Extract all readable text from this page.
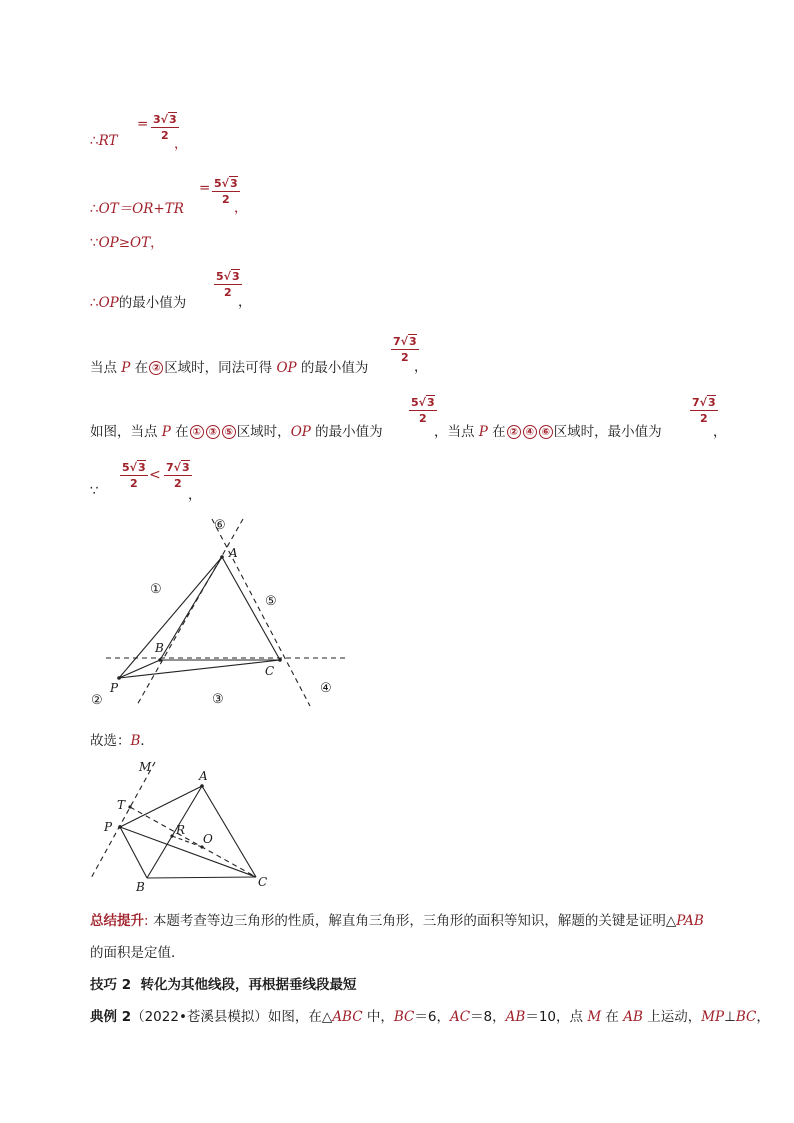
∴RT
= $\frac{3√3}{2}$
，
∴OT＝OR+TR
= $\frac{5√3}{2}$
，
∵OP≥OT，
∴OP的最小值为
$\frac{5√3}{2}$
，
当点 P 在 ② 区域时，同法可得 OP 的最小值为
$\frac{7√3}{2}$
，
如图，当点 P 在 ① ③ ⑤ 区域时，OP 的最小值为
$\frac{5√3}{2}$
，当点 P 在 ② ④ ⑥ 区域时，最小值为
$\frac{7√3}{2}$
，
∵
$\frac{5√3}{2} < \frac{7√3}{2}$
，
A
B
C
P
①
②	③
④
⑤
⑥
故选：B．
M
A
T
P	R
O
B	C
总结提升: 本题考查等边三角形的性质，解直角三角形，三角形的面积等知识，解题的关键是证明△PAB
的面积是定值．
技巧 2 转化为其他线段，再根据垂线段最短
典例 2（2022•苍溪县模拟）如图，在△ABC 中，BC＝6，AC＝8，AB＝10，点 M 在 AB 上运动，MP⊥BC，
